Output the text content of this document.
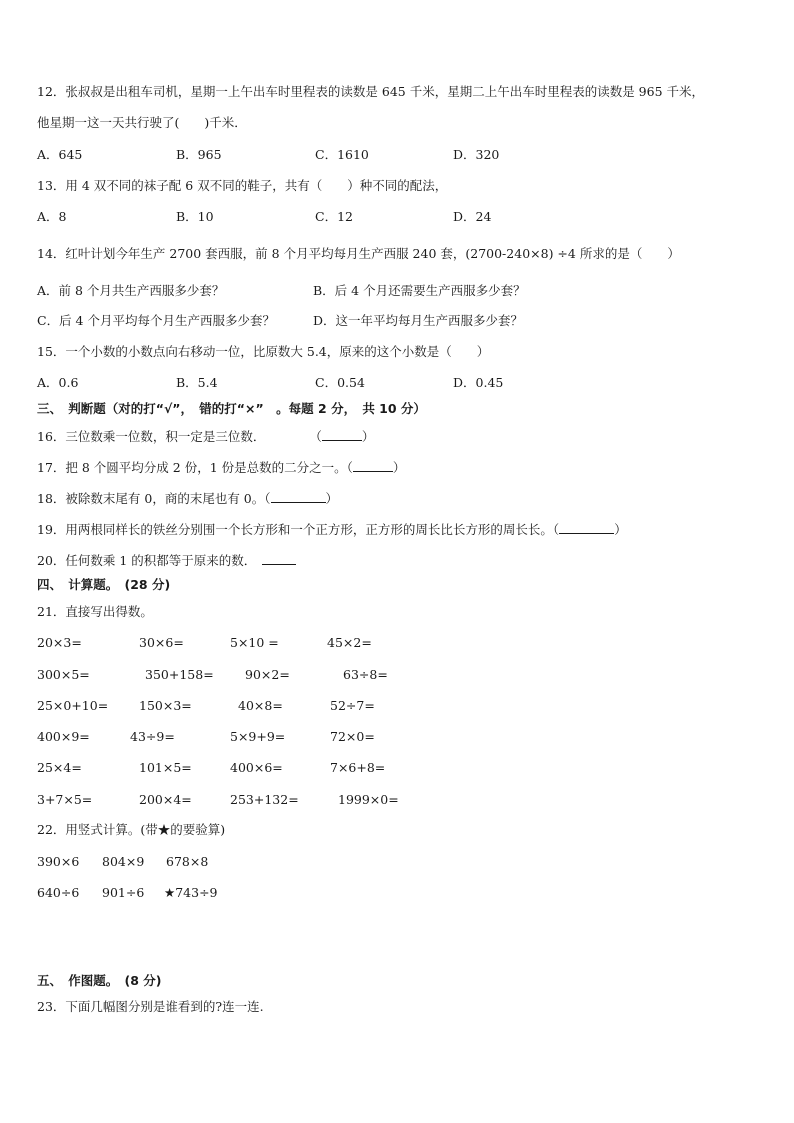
12．张叔叔是出租车司机，星期一上午出车时里程表的读数是 645 千米，星期二上午出车时里程表的读数是 965 千米，
他星期一这一天共行驶了(　　)千米．
A．645	B．965	C．1610	D．320
13．用 4 双不同的袜子配 6 双不同的鞋子，共有（　　）种不同的配法，
A．8	B．10	C．12	D．24
14．红叶计划今年生产 2700 套西服，前 8 个月平均每月生产西服 240 套，(2700-240×8) ÷4 所求的是（　　）
A．前 8 个月共生产西服多少套？	B．后 4 个月还需要生产西服多少套？
C．后 4 个月平均每个月生产西服多少套？	D．这一年平均每月生产西服多少套？
15．一个小数的小数点向右移动一位，比原数大 5.4，原来的这个小数是（　　）
A．0.6	B．5.4	C．0.54	D．0.45
三、　判断题（对的打“√”，　错的打“×”　。每题 2 分，　共 10 分）
16．三位数乘一位数，积一定是三位数．	（	）
17．把 8 个圆平均分成 2 份，1 份是总数的二分之一。（	）
18．被除数末尾有 0，商的末尾也有 0。（	）
19．用两根同样长的铁丝分别围一个长方形和一个正方形，正方形的周长比长方形的周长长。（	）
20．任何数乘 1 的积都等于原来的数．
四、　计算题。　(28 分)
21．直接写出得数。
20×3=	30×6=	5×10 =	45×2=
300×5=	350+158=	90×2=	63÷8=
25×0+10= 150×3=	40×8=	52÷7=
400×9=	43÷9=	5×9+9=	72×0=
25×4=	101×5=	400×6=	7×6+8=
3+7×5=	200×4=	253+132=	1999×0=
22．用竖式计算。(带★的要验算)
390×6 804×9 678×8
640÷6 901÷6 ★743÷9
五、　作图题。　(8 分)
23．下面几幅图分别是谁看到的?连一连.
